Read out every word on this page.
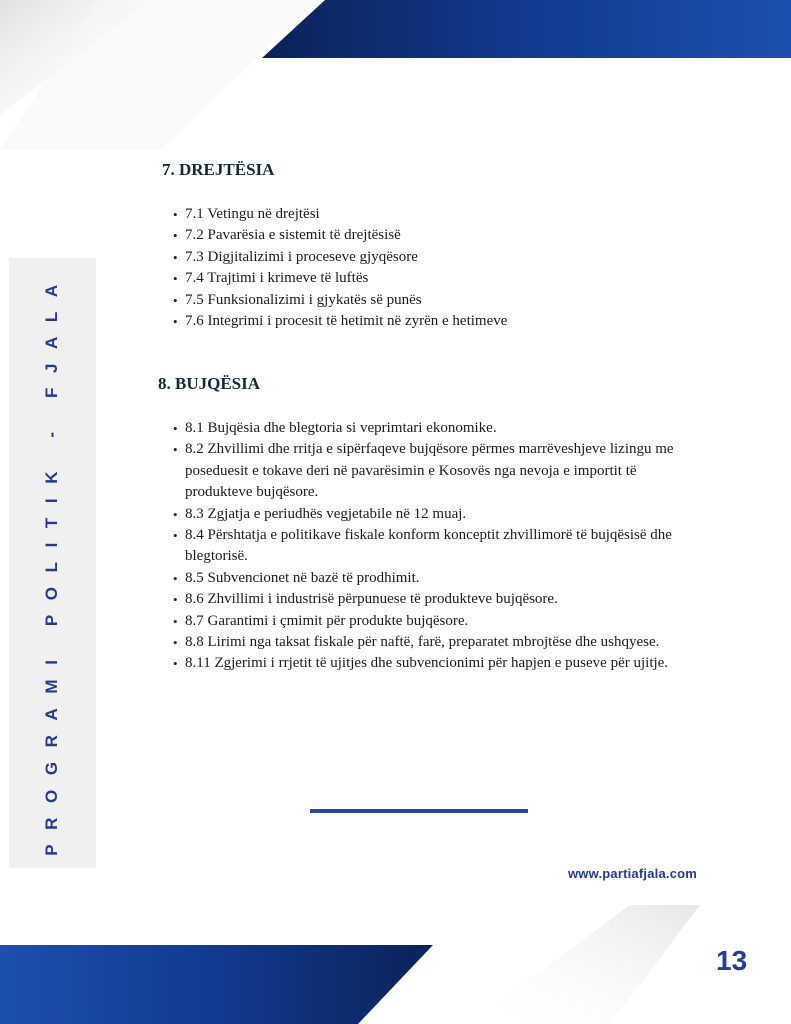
PROGRAMI POLITIK - FJALA
7. DREJTËSIA
• 7.1 Vetingu në drejtësi
• 7.2 Pavarësia e sistemit të drejtësisë
• 7.3 Digjitalizimi i proceseve gjyqësore
• 7.4 Trajtimi i krimeve të luftës
• 7.5 Funksionalizimi i gjykatës së punës
• 7.6 Integrimi i procesit të hetimit në zyrën e hetimeve
8. BUJQËSIA
• 8.1 Bujqësia dhe blegtoria si veprimtari ekonomike.
• 8.2 Zhvillimi dhe rritja e sipërfaqeve bujqësore përmes marrëveshjeve lizingu me poseduesit e tokave deri në pavarësimin e Kosovës nga nevoja e importit të produkteve bujqësore.
• 8.3 Zgjatja e periudhës vegjetabile në 12 muaj.
• 8.4 Përshtatja e politikave fiskale konform konceptit zhvillimorë të bujqësisë dhe blegtorisë.
• 8.5 Subvencionet në bazë të prodhimit.
• 8.6 Zhvillimi i industrisë përpunuese të produkteve bujqësore.
• 8.7 Garantimi i çmimit për produkte bujqësore.
• 8.8 Lirimi nga taksat fiskale për naftë, farë, preparatet mbrojtëse dhe ushqyese.
• 8.11 Zgjerimi i rrjetit të ujitjes dhe subvencionimi për hapjen e puseve për ujitje.
www.partiafjala.com
13
